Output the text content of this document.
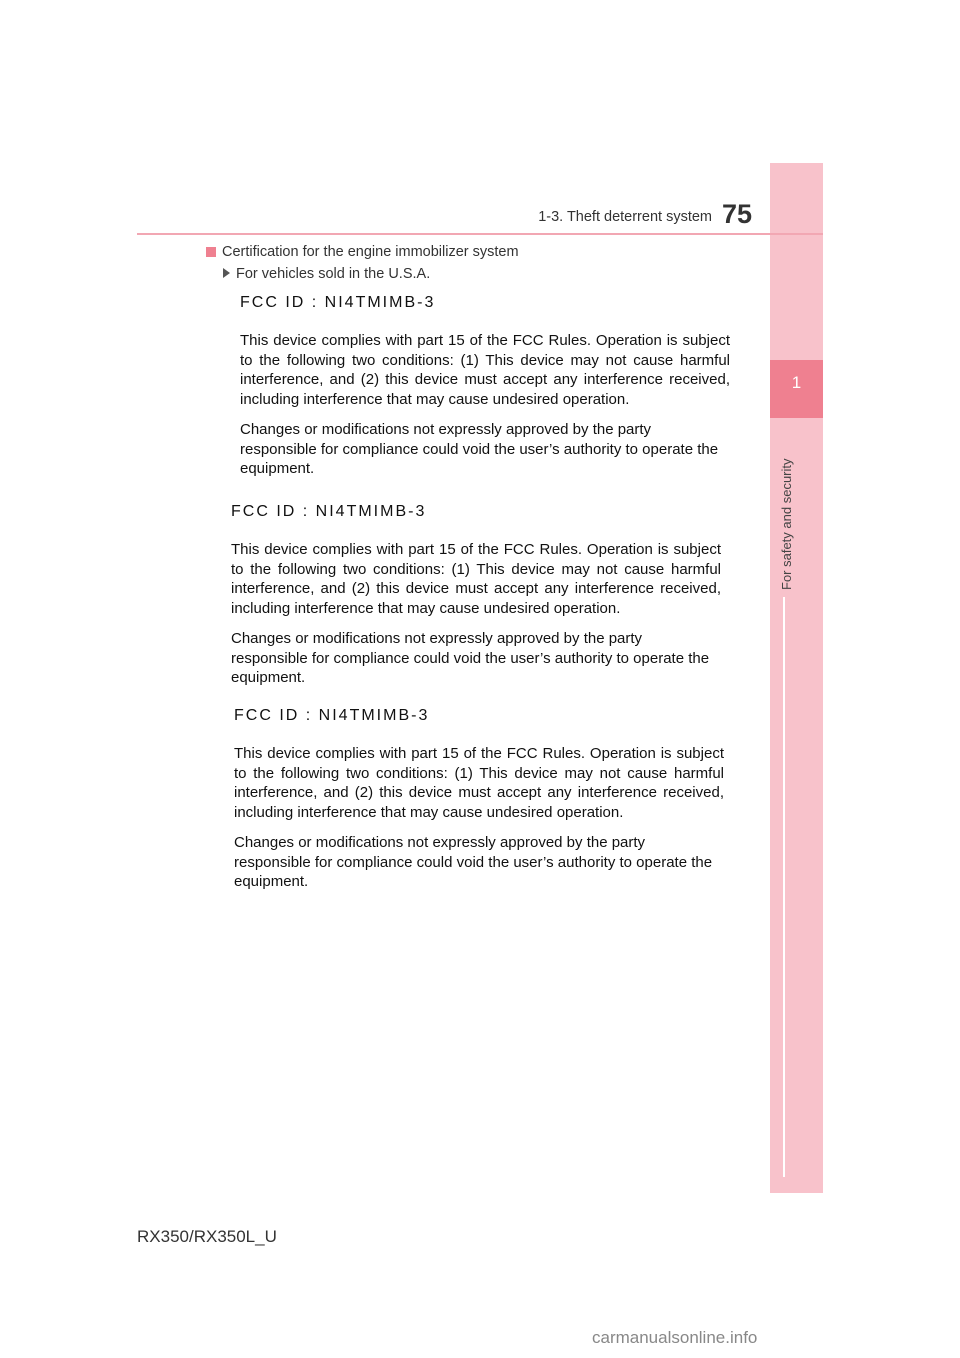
1
For safety and security
1-3. Theft deterrent system 75
Certification for the engine immobilizer system
For vehicles sold in the U.S.A.
FCC ID : NI4TMIMB-3
This device complies with part 15 of the FCC Rules. Operation is subject to the following two conditions: (1) This device may not cause harmful interference, and (2) this device must accept any interference received, including interference that may cause undesired operation.
Changes or modifications not expressly approved by the party responsible for compliance could void the user’s authority to operate the equipment.
FCC ID : NI4TMIMB-3
This device complies with part 15 of the FCC Rules. Operation is subject to the following two conditions: (1) This device may not cause harmful interference, and (2) this device must accept any interference received, including interference that may cause undesired operation.
Changes or modifications not expressly approved by the party responsible for compliance could void the user’s authority to operate the equipment.
FCC ID : NI4TMIMB-3
This device complies with part 15 of the FCC Rules. Operation is subject to the following two conditions: (1) This device may not cause harmful interference, and (2) this device must accept any interference received, including interference that may cause undesired operation.
Changes or modifications not expressly approved by the party responsible for compliance could void the user’s authority to operate the equipment.
RX350/RX350L_U
carmanualsonline.info
